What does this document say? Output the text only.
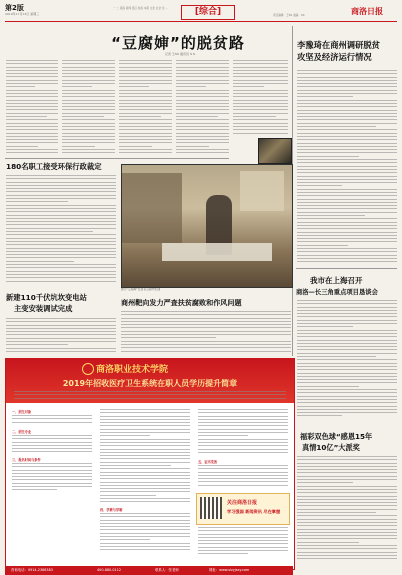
第2版
2019年11月13日 星期三
一 二 商洛 新闻 县区 时政 本报 文化 社会 论 …	[综合]	责任编辑：王XX 美编：XX	商洛日报
“豆腐婶”的脱贫路
记者 王XX 通讯员 X X
李豫琦在商州调研脱贫
攻坚及经济运行情况
180名职工接受环保行政裁定
图为“豆腐婶”在自家豆腐坊忙碌
新建110千伏坑坎变电站
主变安装调试完成
商州靶向发力严查扶贫腐败和作风问题
我市在上海召开
商洛—长三角重点项目恳谈会
福彩双色球“感恩15年
真情10亿”大派奖
商洛职业技术学院
2019年招收医疗卫生系统在职人员学历提升简章
一、招生对象
二、招生专业
三、报名时间与条件
四、学费与学制
五、证书发放
关注商洛日报
学习强国 新闻资讯 尽在掌握
咨询电话：0914-2368383	400-880-0112	联系人：张老师	网址：www.slzyjsxy.com
